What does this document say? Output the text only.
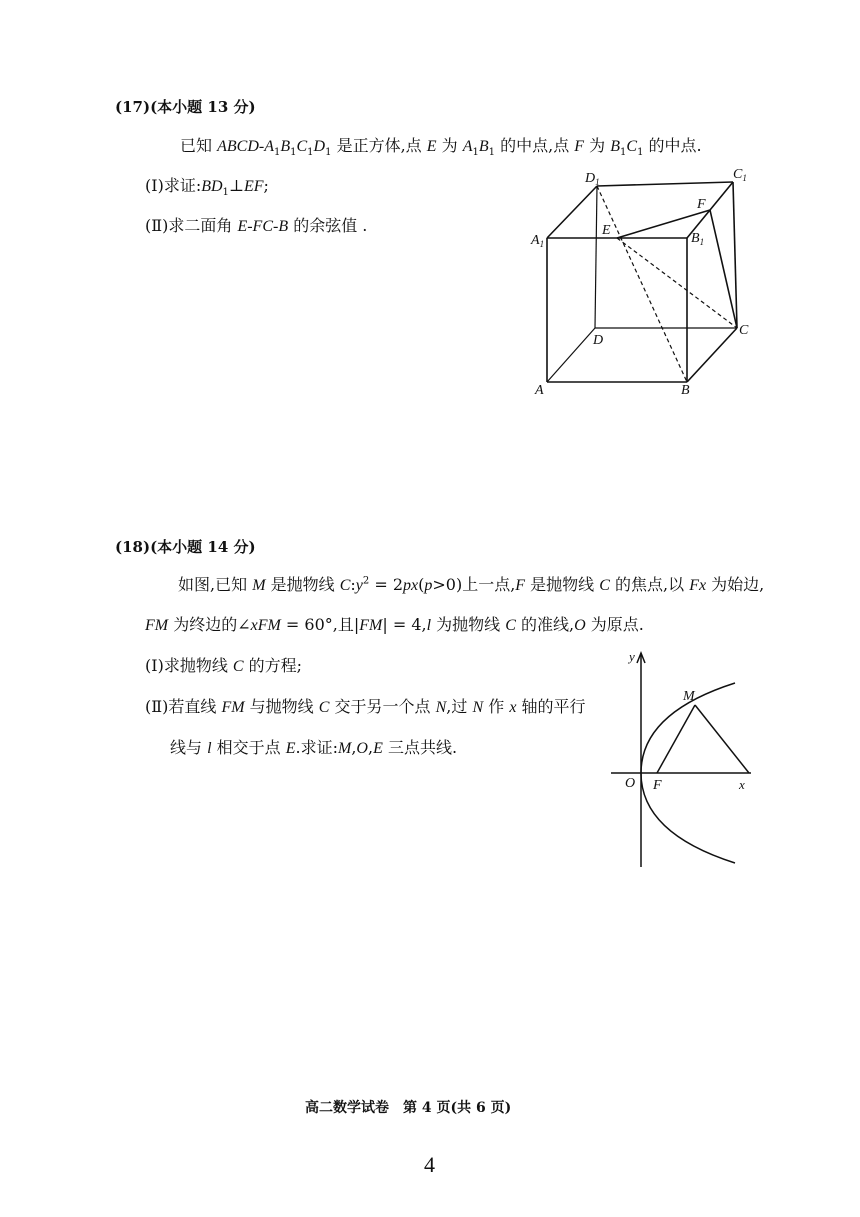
(17)(本小题 13 分)
已知 ABCD-$A_1B_1C_1D_1$ 是正方体,点 E 为 $A_1B_1$ 的中点,点 F 为 $B_1C_1$ 的中点.
(Ⅰ)求证$:BD_1\perp EF$;
(Ⅱ)求二面角 E-FC-B 的余弦值 .
$D_1$	$C_1$
$A_1$	$B_1$
E
F
C
D
A	B
(18)(本小题 14 分)
如图,已知 M 是抛物线 $C:y^2 = 2px(p>0)$上一点,F 是抛物线 C 的焦点,以 Fx 为始边,
FM 为终边的∠xFM = 60°,且|FM| = 4,l 为抛物线 C 的准线,O 为原点.
(Ⅰ)求抛物线 C 的方程;
(Ⅱ)若直线 FM 与抛物线 C 交于另一个点 N,过 N 作 x 轴的平行
线与 l 相交于点 E.求证:M,O,E 三点共线.
y
x
M
O F
高二数学试卷　第 4 页(共 6 页)
4
